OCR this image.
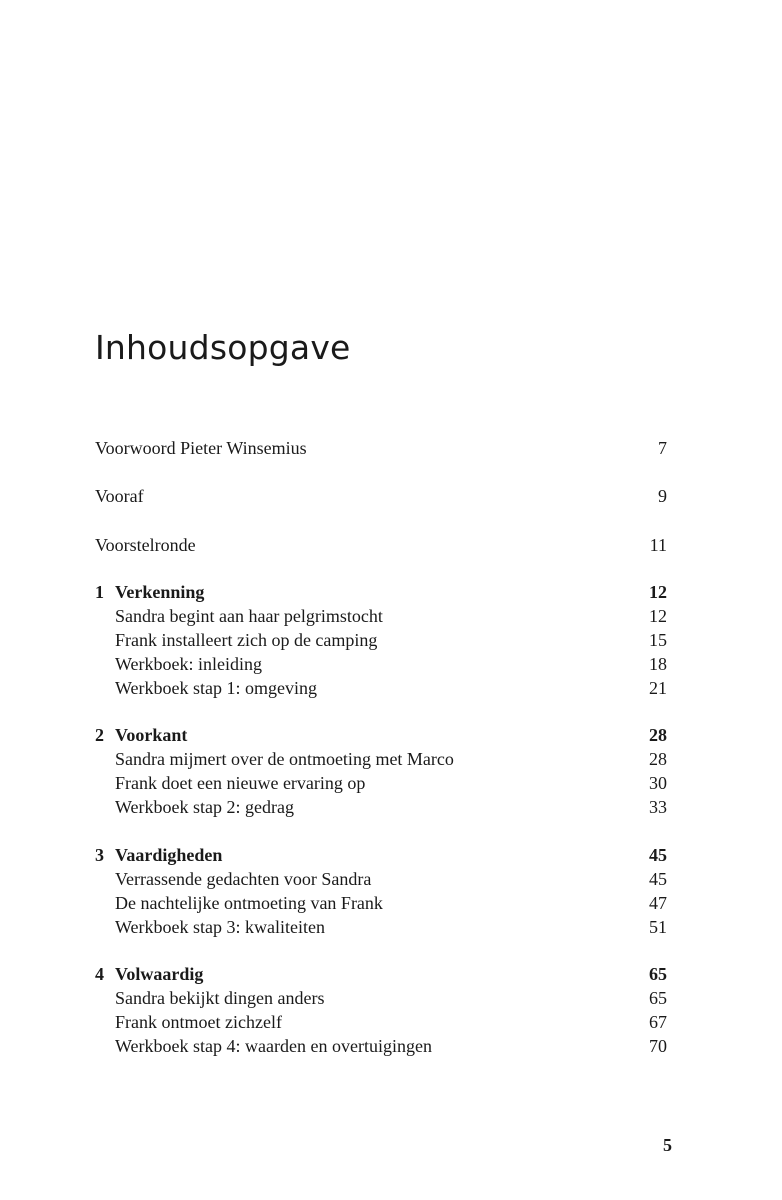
Inhoudsopgave
Voorwoord Pieter Winsemius	7
Vooraf	9
Voorstelronde	11
1 Verkenning	12
Sandra begint aan haar pelgrimstocht	12
Frank installeert zich op de camping	15
Werkboek: inleiding	18
Werkboek stap 1: omgeving	21
2 Voorkant	28
Sandra mijmert over de ontmoeting met Marco	28
Frank doet een nieuwe ervaring op	30
Werkboek stap 2: gedrag	33
3 Vaardigheden	45
Verrassende gedachten voor Sandra	45
De nachtelijke ontmoeting van Frank	47
Werkboek stap 3: kwaliteiten	51
4 Volwaardig	65
Sandra bekijkt dingen anders	65
Frank ontmoet zichzelf	67
Werkboek stap 4: waarden en overtuigingen	70
5
